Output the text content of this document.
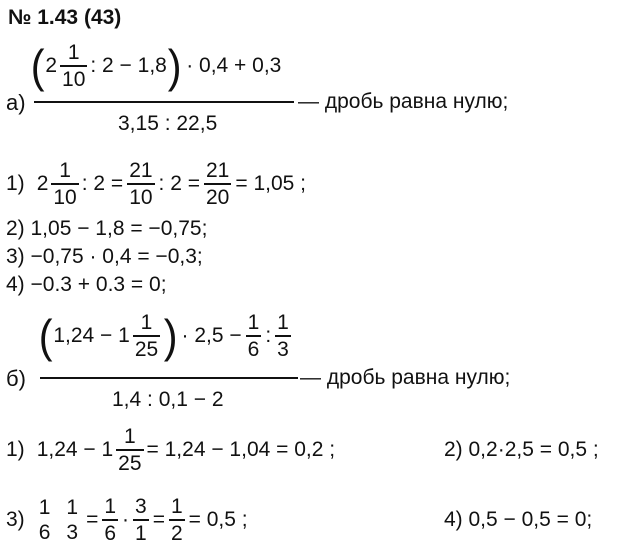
№ 1.43 (43)
а)
( $2 \frac{1}{10}$ : 2 − 1,8 ) · 0,4 + 0,3
3,15 : 22,5
— дробь равна нулю;
1) $2 \frac{1}{10}$ : $2 = \frac{21}{10}$ : $2 = \frac{21}{20} = 1,05$ ;
2) 1,05 − 1,8 = −0,75;
3) −0,75 · 0,4 = −0,3;
4) −0.3 + 0.3 = 0;
б)
( $1,24 - 1 \frac{1}{25}$ ) · $2,5 - \frac{1}{6}$ : $\frac{1}{3}$
1,4 : 0,1 − 2
— дробь равна нулю;
1) $1,24 - 1 \frac{1}{25} = 1,24 - 1,04 = 0,2$ ;	2) 0,2·2,5 = 0,5 ;
3)
1
6
1
3
= $\frac{1}{6} \cdot \frac{3}{1} = \frac{1}{2} = 0,5$ ;	4) 0,5 − 0,5 = 0;
